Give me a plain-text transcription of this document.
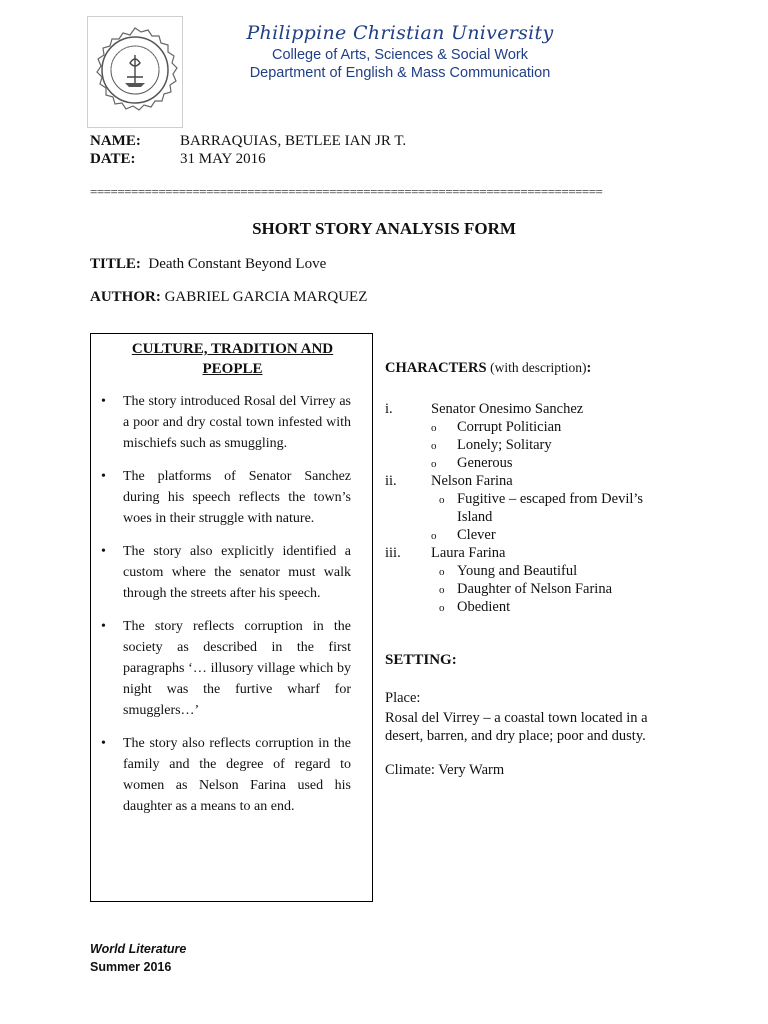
Philippine Christian University
College of Arts, Sciences & Social Work
Department of English & Mass Communication
NAME:	BARRAQUIAS, BETLEE IAN JR T.
DATE:	31 MAY 2016
===========================================================================
SHORT STORY ANALYSIS FORM
TITLE: Death Constant Beyond Love
AUTHOR: GABRIEL GARCIA MARQUEZ
CULTURE, TRADITION AND PEOPLE
• The story introduced Rosal del Virrey as a poor and dry costal town infested with mischiefs such as smuggling.
• The platforms of Senator Sanchez during his speech reflects the town’s woes in their struggle with nature.
• The story also explicitly identified a custom where the senator must walk through the streets after his speech.
• The story reflects corruption in the society as described in the first paragraphs ‘… illusory village which by night was the furtive wharf for smugglers…’
• The story also reflects corruption in the family and the degree of regard to women as Nelson Farina used his daughter as a means to an end.
CHARACTERS (with description):
i.	Senator Onesimo Sanchez
o Corrupt Politician
o Lonely; Solitary
o Generous
ii. Nelson Farina
o Fugitive – escaped from Devil’s Island
o Clever
iii. Laura Farina
o Young and Beautiful
o Daughter of Nelson Farina
o Obedient
SETTING:
Place:
Rosal del Virrey – a coastal town located in a desert, barren, and dry place; poor and dusty.
Climate: Very Warm
World Literature
Summer 2016
